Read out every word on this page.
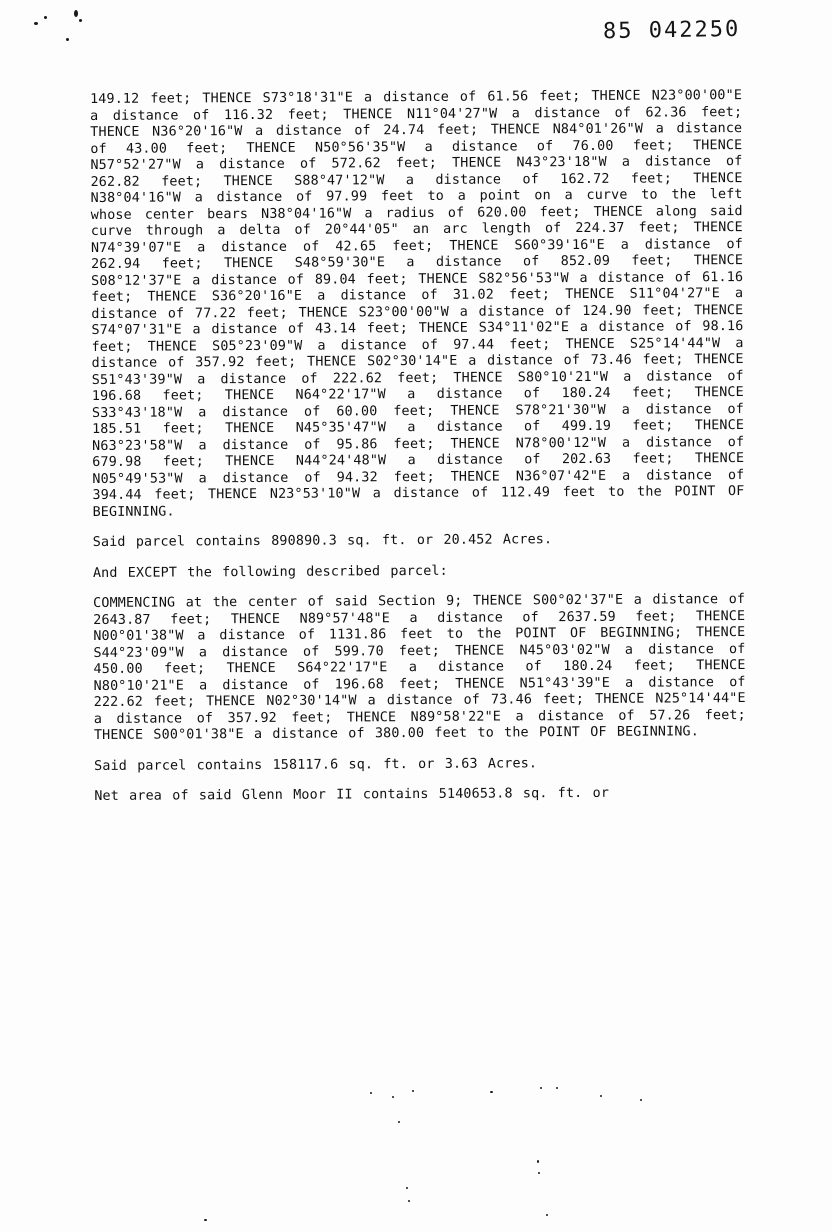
85 042250

149.12 feet; THENCE S73°18'31"E a distance of 61.56 feet; THENCE N23°00'00"E a distance of 116.32 feet; THENCE N11°04'27"W a distance of 62.36 feet; THENCE N36°20'16"W a distance of 24.74 feet; THENCE N84°01'26"W a distance of 43.00 feet; THENCE N50°56'35"W a distance of 76.00 feet; THENCE N57°52'27"W a distance of 572.62 feet; THENCE N43°23'18"W a distance of 262.82 feet; THENCE S88°47'12"W a distance of 162.72 feet; THENCE N38°04'16"W a distance of 97.99 feet to a point on a curve to the left whose center bears N38°04'16"W a radius of 620.00 feet; THENCE along said curve through a delta of 20°44'05" an arc length of 224.37 feet; THENCE N74°39'07"E a distance of 42.65 feet; THENCE S60°39'16"E a distance of 262.94 feet; THENCE S48°59'30"E a distance of 852.09 feet; THENCE S08°12'37"E a distance of 89.04 feet; THENCE S82°56'53"W a distance of 61.16 feet; THENCE S36°20'16"E a distance of 31.02 feet; THENCE S11°04'27"E a distance of 77.22 feet; THENCE S23°00'00"W a distance of 124.90 feet; THENCE S74°07'31"E a distance of 43.14 feet; THENCE S34°11'02"E a distance of 98.16 feet; THENCE S05°23'09"W a distance of 97.44 feet; THENCE S25°14'44"W a distance of 357.92 feet; THENCE S02°30'14"E a distance of 73.46 feet; THENCE S51°43'39"W a distance of 222.62 feet; THENCE S80°10'21"W a distance of 196.68 feet; THENCE N64°22'17"W a distance of 180.24 feet; THENCE S33°43'18"W a distance of 60.00 feet; THENCE S78°21'30"W a distance of 185.51 feet; THENCE N45°35'47"W a distance of 499.19 feet; THENCE N63°23'58"W a distance of 95.86 feet; THENCE N78°00'12"W a distance of 679.98 feet; THENCE N44°24'48"W a distance of 202.63 feet; THENCE N05°49'53"W a distance of 94.32 feet; THENCE N36°07'42"E a distance of 394.44 feet; THENCE N23°53'10"W a distance of 112.49 feet to the POINT OF BEGINNING.

Said parcel contains 890890.3 sq. ft. or 20.452 Acres.

And EXCEPT the following described parcel:

COMMENCING at the center of said Section 9; THENCE S00°02'37"E a distance of 2643.87 feet; THENCE N89°57'48"E a distance of 2637.59 feet; THENCE N00°01'38"W a distance of 1131.86 feet to the POINT OF BEGINNING; THENCE S44°23'09"W a distance of 599.70 feet; THENCE N45°03'02"W a distance of 450.00 feet; THENCE S64°22'17"E a distance of 180.24 feet; THENCE N80°10'21"E a distance of 196.68 feet; THENCE N51°43'39"E a distance of 222.62 feet; THENCE N02°30'14"W a distance of 73.46 feet; THENCE N25°14'44"E a distance of 357.92 feet; THENCE N89°58'22"E a distance of 57.26 feet; THENCE S00°01'38"E a distance of 380.00 feet to the POINT OF BEGINNING.

Said parcel contains 158117.6 sq. ft. or 3.63 Acres.

Net area of said Glenn Moor II contains 5140653.8 sq. ft. or
